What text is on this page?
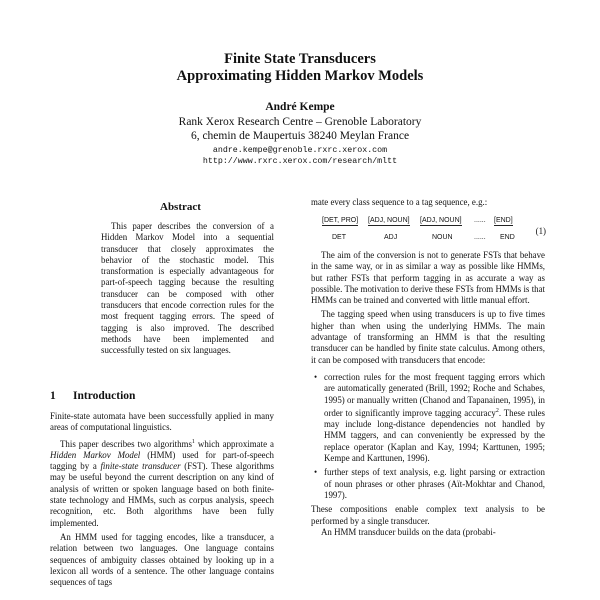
Finite State Transducers
Approximating Hidden Markov Models
André Kempe
Rank Xerox Research Centre – Grenoble Laboratory
6, chemin de Maupertuis 38240 Meylan France
andre.kempe@grenoble.rxrc.xerox.com
http://www.rxrc.xerox.com/research/mltt
Abstract

This paper describes the conversion of a Hidden Markov Model into a sequential transducer that closely approximates the behavior of the stochastic model. This transformation is especially advantageous for part-of-speech tagging because the resulting transducer can be composed with other transducers that encode correction rules for the most frequent tagging errors. The speed of tagging is also improved. The described methods have been implemented and successfully tested on six languages.

1 Introduction

Finite-state automata have been successfully applied in many areas of computational linguistics.

This paper describes two algorithms$^1$ which approximate a Hidden Markov Model (HMM) used for part-of-speech tagging by a finite-state transducer (FST). These algorithms may be useful beyond the current description on any kind of analysis of written or spoken language based on both finite-state technology and HMMs, such as corpus analysis, speech recognition, etc. Both algorithms have been fully implemented.

An HMM used for tagging encodes, like a transducer, a relation between two languages. One language contains sequences of ambiguity classes obtained by looking up in a lexicon all words of a sentence. The other language contains sequences of tags

mate every class sequence to a tag sequence, e.g.:
[DET, PRO] [ADJ, NOUN] [ADJ, NOUN] ...... [END]
DET	ADJ	NOUN	...... END
(1)

The aim of the conversion is not to generate FSTs that behave in the same way, or in as similar a way as possible like HMMs, but rather FSTs that perform tagging in as accurate a way as possible. The motivation to derive these FSTs from HMMs is that HMMs can be trained and converted with little manual effort.

The tagging speed when using transducers is up to five times higher than when using the underlying HMMs. The main advantage of transforming an HMM is that the resulting transducer can be handled by finite state calculus. Among others, it can be composed with transducers that encode:

• correction rules for the most frequent tagging errors which are automatically generated (Brill, 1992; Roche and Schabes, 1995) or manually written (Chanod and Tapanainen, 1995), in order to significantly improve tagging accuracy$^2$. These rules may include long-distance dependencies not handled by HMM taggers, and can conveniently be expressed by the replace operator (Kaplan and Kay, 1994; Karttunen, 1995; Kempe and Karttunen, 1996).
• further steps of text analysis, e.g. light parsing or extraction of noun phrases or other phrases (Aït-Mokhtar and Chanod, 1997).

These compositions enable complex text analysis to be performed by a single transducer.

An HMM transducer builds on the data (probabi-
